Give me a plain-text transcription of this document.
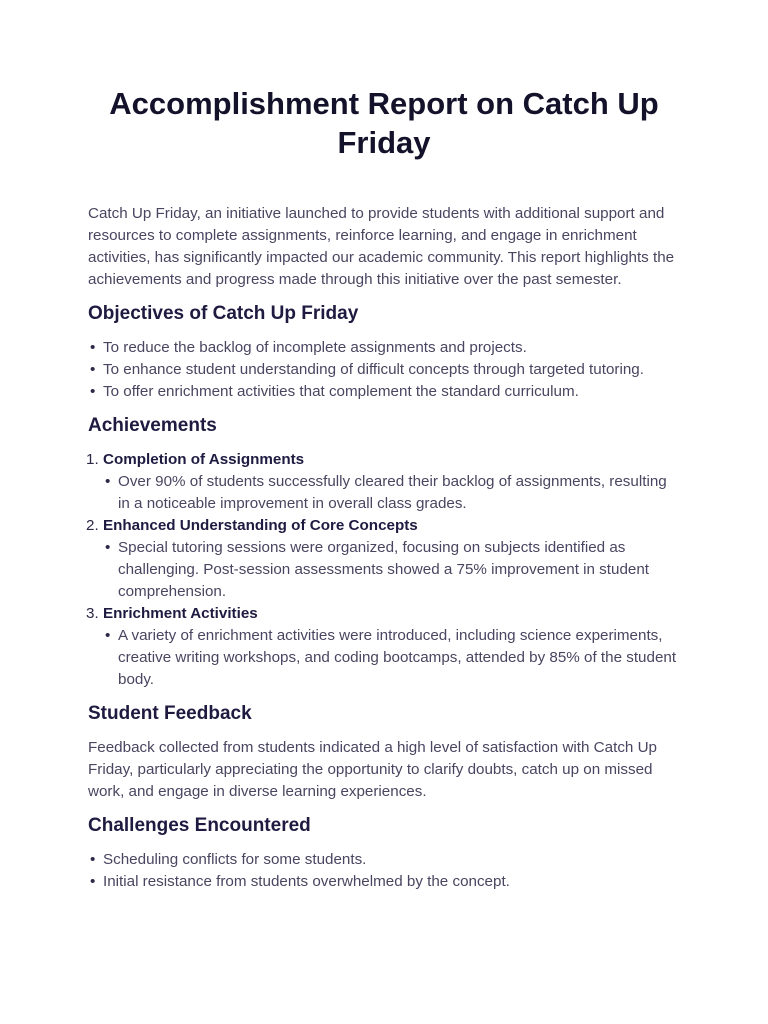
Accomplishment Report on Catch Up Friday

Catch Up Friday, an initiative launched to provide students with additional support and resources to complete assignments, reinforce learning, and engage in enrichment activities, has significantly impacted our academic community. This report highlights the achievements and progress made through this initiative over the past semester.

Objectives of Catch Up Friday
• To reduce the backlog of incomplete assignments and projects.
• To enhance student understanding of difficult concepts through targeted tutoring.
• To offer enrichment activities that complement the standard curriculum.
Achievements
1. Completion of Assignments
• Over 90% of students successfully cleared their backlog of assignments, resulting in a noticeable improvement in overall class grades.
2. Enhanced Understanding of Core Concepts
• Special tutoring sessions were organized, focusing on subjects identified as challenging. Post-session assessments showed a 75% improvement in student comprehension.
3. Enrichment Activities
• A variety of enrichment activities were introduced, including science experiments, creative writing workshops, and coding bootcamps, attended by 85% of the student body.
Student Feedback

Feedback collected from students indicated a high level of satisfaction with Catch Up Friday, particularly appreciating the opportunity to clarify doubts, catch up on missed work, and engage in diverse learning experiences.

Challenges Encountered
• Scheduling conflicts for some students.
• Initial resistance from students overwhelmed by the concept.
